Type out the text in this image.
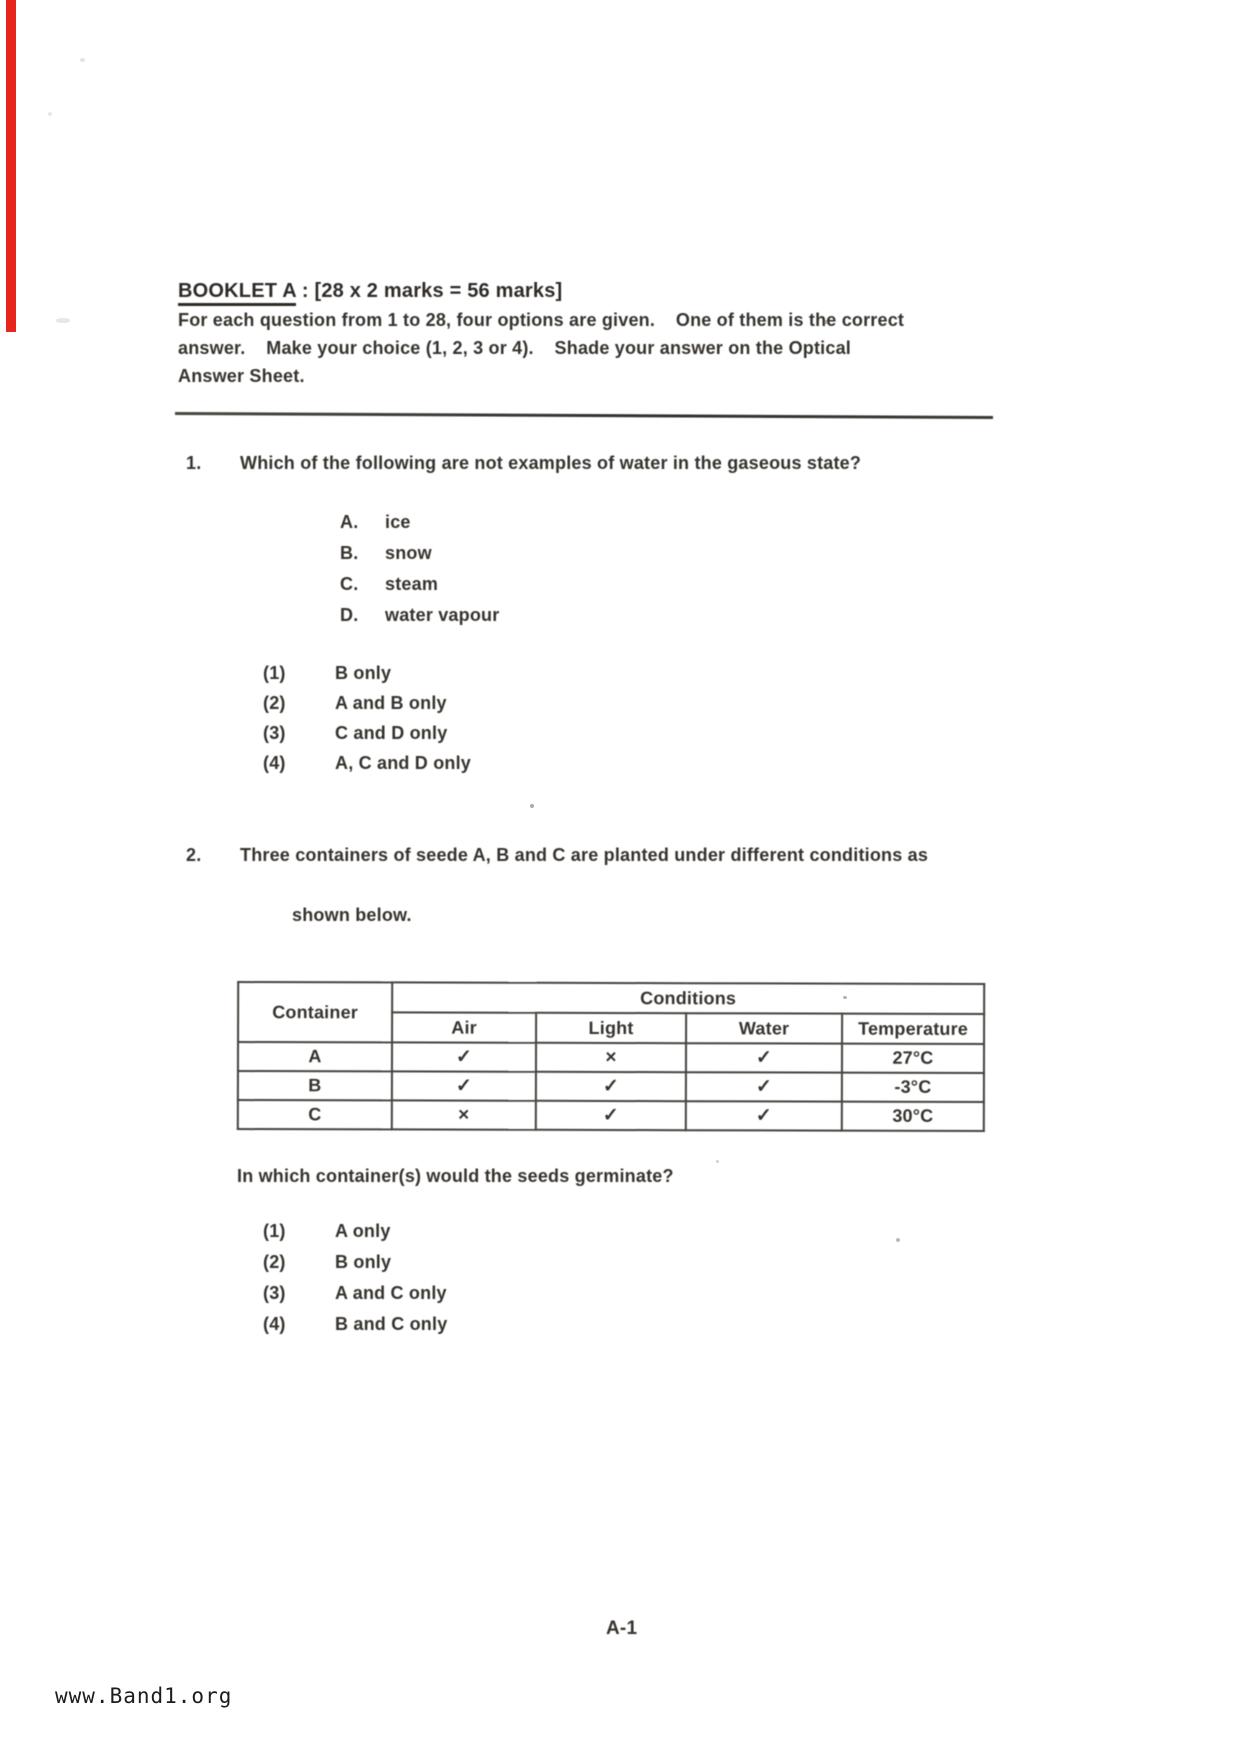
BOOKLET A : [28 x 2 marks = 56 marks]

For each question from 1 to 28, four options are given.    One of them is the correct

answer.    Make your choice (1, 2, 3 or 4).    Shade your answer on the Optical

Answer Sheet.

1.	Which of the following are not examples of water in the gaseous state?
A.	ice
B.	snow
C.	steam
D.	water vapour
(1)	B only
(2)	A and B only
(3)	C and D only
(4)	A, C and D only
2.	Three containers of seede A, B and C are planted under different conditions as

shown below.

Container	Conditions			
	Air	Light	Water	Temperature
A	✓	×	✓	27°C
B	✓	✓	✓	-3°C
C	×	✓	✓	30°C

In which container(s) would the seeds germinate?

(1)	A only
(2)	B only
(3)	A and C only
(4)	B and C only
A-1
www.Band1.org
